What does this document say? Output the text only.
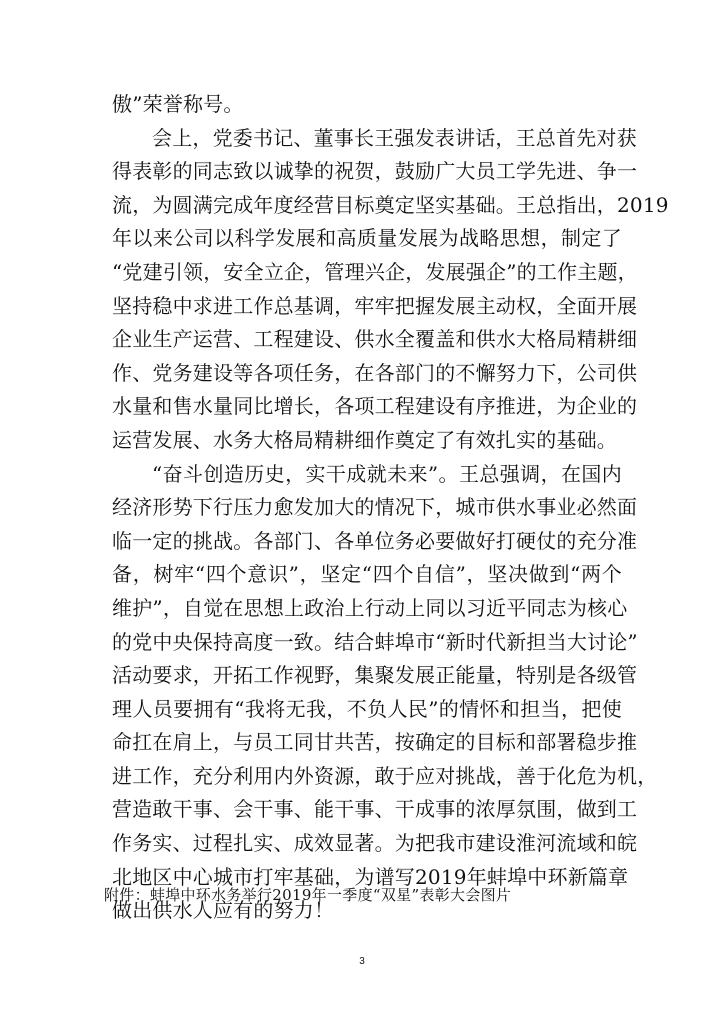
傲”荣誉称号。
会上，党委书记、董事长王强发表讲话，王总首先对获
得表彰的同志致以诚挚的祝贺，鼓励广大员工学先进、争一
流，为圆满完成年度经营目标奠定坚实基础。王总指出，2019
年以来公司以科学发展和高质量发展为战略思想，制定了
“党建引领，安全立企，管理兴企，发展强企”的工作主题，
坚持稳中求进工作总基调，牢牢把握发展主动权，全面开展
企业生产运营、工程建设、供水全覆盖和供水大格局精耕细
作、党务建设等各项任务，在各部门的不懈努力下，公司供
水量和售水量同比增长，各项工程建设有序推进，为企业的
运营发展、水务大格局精耕细作奠定了有效扎实的基础。
“奋斗创造历史，实干成就未来”。王总强调，在国内
经济形势下行压力愈发加大的情况下，城市供水事业必然面
临一定的挑战。各部门、各单位务必要做好打硬仗的充分准
备，树牢“四个意识”，坚定“四个自信”，坚决做到“两个
维护”，自觉在思想上政治上行动上同以习近平同志为核心
的党中央保持高度一致。结合蚌埠市“新时代新担当大讨论”
活动要求，开拓工作视野，集聚发展正能量，特别是各级管
理人员要拥有“我将无我，不负人民”的情怀和担当，把使
命扛在肩上，与员工同甘共苦，按确定的目标和部署稳步推
进工作，充分利用内外资源，敢于应对挑战，善于化危为机，
营造敢干事、会干事、能干事、干成事的浓厚氛围，做到工
作务实、过程扎实、成效显著。为把我市建设淮河流域和皖
北地区中心城市打牢基础，为谱写2019年蚌埠中环新篇章
做出供水人应有的努力！
附件：蚌埠中环水务举行2019年一季度“双星”表彰大会图片
3
